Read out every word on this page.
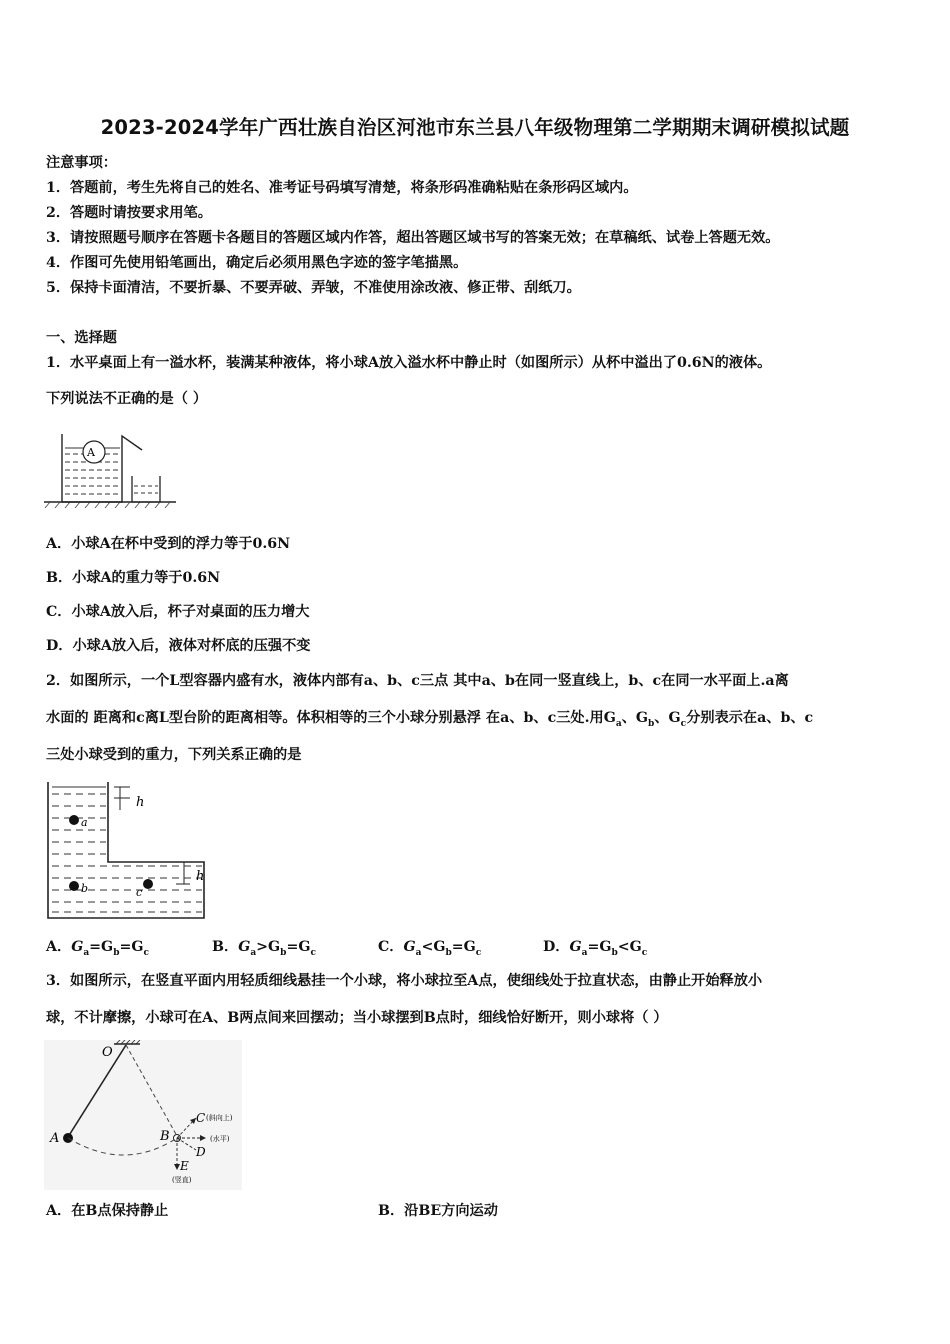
2023-2024学年广西壮族自治区河池市东兰县八年级物理第二学期期末调研模拟试题
注意事项：
1．答题前，考生先将自己的姓名、准考证号码填写清楚，将条形码准确粘贴在条形码区域内。
2．答题时请按要求用笔。
3．请按照题号顺序在答题卡各题目的答题区域内作答，超出答题区域书写的答案无效；在草稿纸、试卷上答题无效。
4．作图可先使用铅笔画出，确定后必须用黑色字迹的签字笔描黑。
5．保持卡面清洁，不要折暴、不要弄破、弄皱，不准使用涂改液、修正带、刮纸刀。
一、选择题
1．水平桌面上有一溢水杯，装满某种液体，将小球A放入溢水杯中静止时（如图所示）从杯中溢出了0.6N的液体。
下列说法不正确的是（ ）
A
A．小球A在杯中受到的浮力等于0.6N
B．小球A的重力等于0.6N
C．小球A放入后，杯子对桌面的压力增大
D．小球A放入后，液体对杯底的压强不变
2．如图所示，一个L型容器内盛有水，液体内部有a、b、c三点 其中a、b在同一竖直线上，b、c在同一水平面上.a离
水面的 距离和c离L型台阶的距离相等。体积相等的三个小球分别悬浮 在a、b、c三处.用$G_a$、$G_b$、$G_c$分别表示在a、b、c
三处小球受到的重力，下列关系正确的是
a
b	c
h
h
A．$G_a=G_b=G_c$	B．$G_a>G_b=G_c$	C．$G_a<G_b=G_c$	D．$G_a=G_b<G_c$
3．如图所示，在竖直平面内用轻质细线悬挂一个小球，将小球拉至A点，使细线处于拉直状态，由静止开始释放小
球，不计摩擦，小球可在A、B两点间来回摆动；当小球摆到B点时，细线恰好断开，则小球将（ ）
O
A	B
C (斜向上)
(水平)
D
E
(竖直)
A．在B点保持静止	B．沿BE方向运动
